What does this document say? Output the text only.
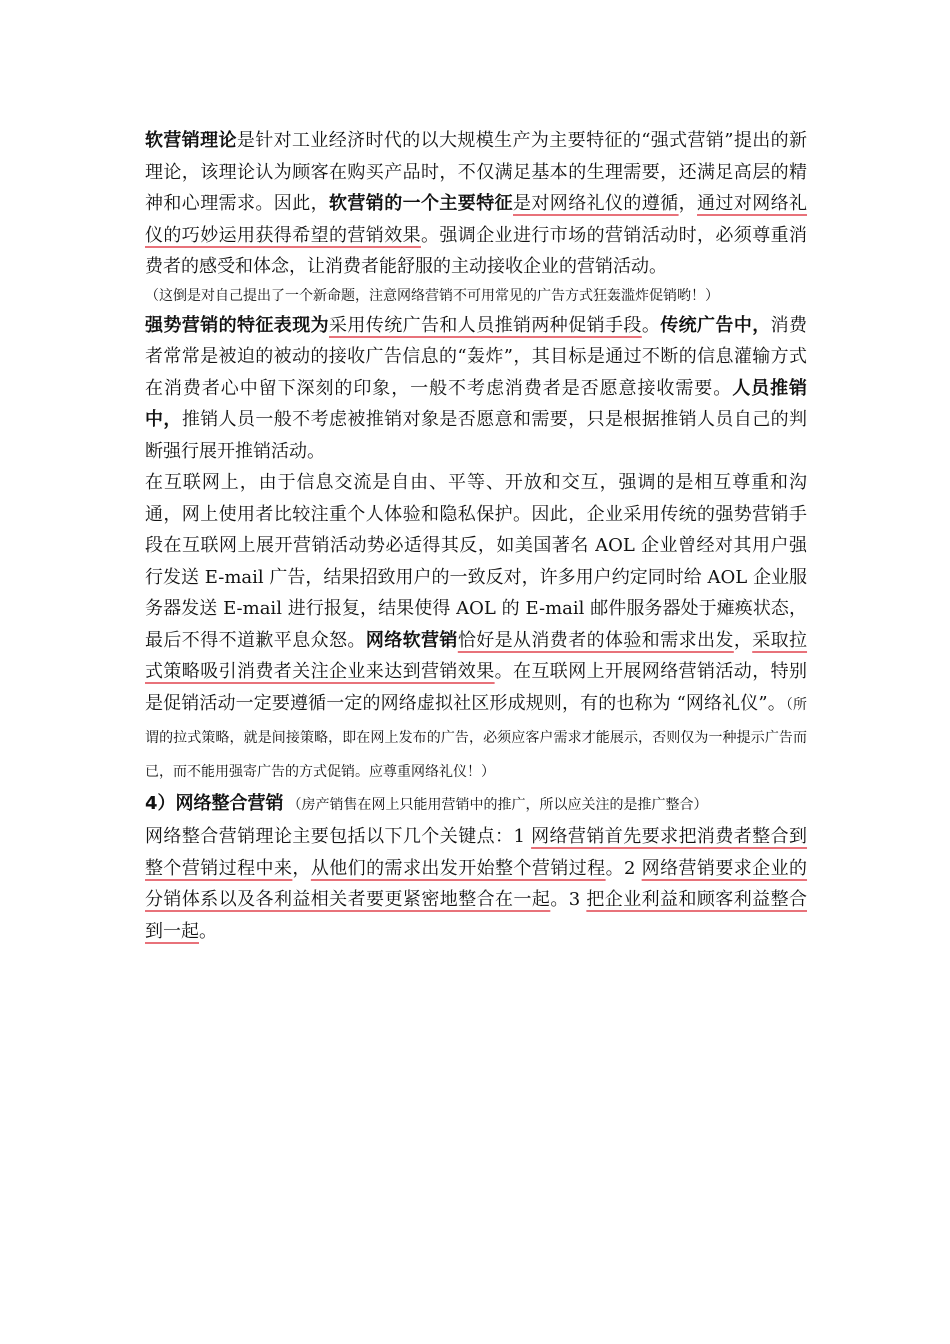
软营销理论是针对工业经济时代的以大规模生产为主要特征的“强式营销”提出的新理论，该理论认为顾客在购买产品时，不仅满足基本的生理需要，还满足高层的精神和心理需求。因此，软营销的一个主要特征是对网络礼仪的遵循，通过对网络礼仪的巧妙运用获得希望的营销效果。强调企业进行市场的营销活动时，必须尊重消费者的感受和体念，让消费者能舒服的主动接收企业的营销活动。

（这倒是对自己提出了一个新命题，注意网络营销不可用常见的广告方式狂轰滥炸促销哟！）

强势营销的特征表现为采用传统广告和人员推销两种促销手段。传统广告中，消费者常常是被迫的被动的接收广告信息的“轰炸”，其目标是通过不断的信息灌输方式在消费者心中留下深刻的印象，一般不考虑消费者是否愿意接收需要。人员推销中，推销人员一般不考虑被推销对象是否愿意和需要，只是根据推销人员自己的判断强行展开推销活动。

在互联网上，由于信息交流是自由、平等、开放和交互，强调的是相互尊重和沟通，网上使用者比较注重个人体验和隐私保护。因此，企业采用传统的强势营销手段在互联网上展开营销活动势必适得其反，如美国著名 AOL 企业曾经对其用户强行发送 E-mail 广告，结果招致用户的一致反对，许多用户约定同时给 AOL 企业服务器发送 E-mail 进行报复，结果使得 AOL 的 E-mail 邮件服务器处于瘫痪状态，最后不得不道歉平息众怒。网络软营销恰好是从消费者的体验和需求出发，采取拉式策略吸引消费者关注企业来达到营销效果。在互联网上开展网络营销活动，特别是促销活动一定要遵循一定的网络虚拟社区形成规则，有的也称为 “网络礼仪”。（所谓的拉式策略，就是间接策略，即在网上发布的广告，必须应客户需求才能展示，否则仅为一种提示广告而已，而不能用强寄广告的方式促销。应尊重网络礼仪！）

4）网络整合营销 （房产销售在网上只能用营销中的推广，所以应关注的是推广整合）

网络整合营销理论主要包括以下几个关键点：1 网络营销首先要求把消费者整合到整个营销过程中来，从他们的需求出发开始整个营销过程。2 网络营销要求企业的分销体系以及各利益相关者要更紧密地整合在一起。3 把企业利益和顾客利益整合到一起。
